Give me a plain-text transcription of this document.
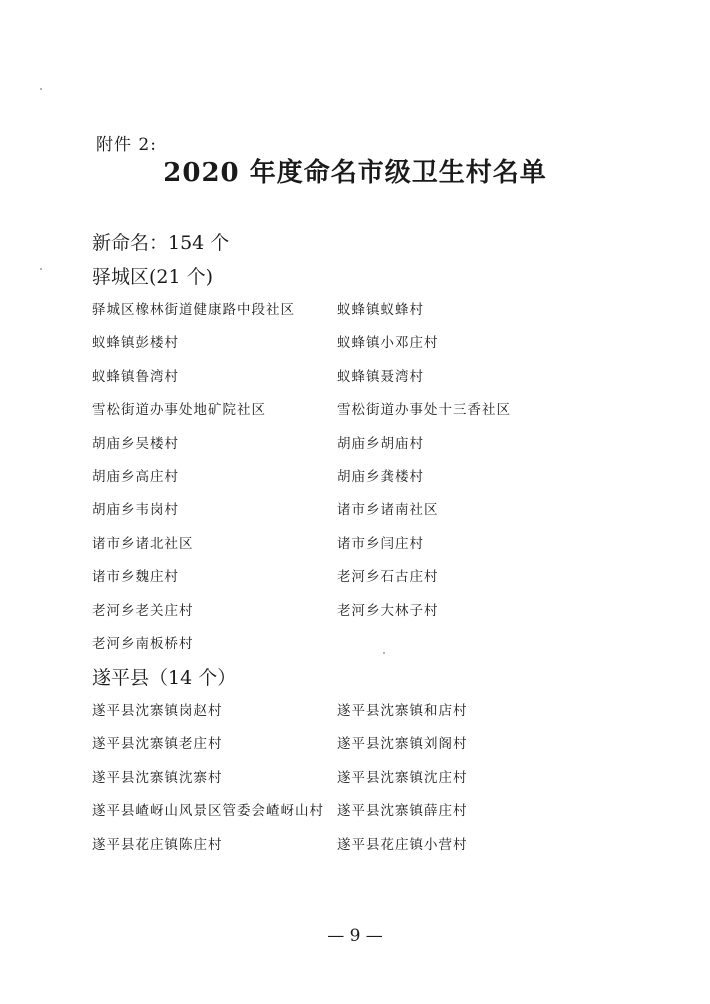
附件 2:
2020 年度命名市级卫生村名单
新命名：154 个
驿城区(21 个)
驿城区橡林街道健康路中段社区	蚁蜂镇蚁蜂村
蚁蜂镇彭楼村	蚁蜂镇小邓庄村
蚁蜂镇鲁湾村	蚁蜂镇聂湾村
雪松街道办事处地矿院社区	雪松街道办事处十三香社区
胡庙乡吴楼村	胡庙乡胡庙村
胡庙乡高庄村	胡庙乡龚楼村
胡庙乡韦岗村	诸市乡诸南社区
诸市乡诸北社区	诸市乡闫庄村
诸市乡魏庄村	老河乡石古庄村
老河乡老关庄村	老河乡大林子村
老河乡南板桥村
遂平县（14 个）
遂平县沈寨镇岗赵村	遂平县沈寨镇和店村
遂平县沈寨镇老庄村	遂平县沈寨镇刘阁村
遂平县沈寨镇沈寨村	遂平县沈寨镇沈庄村
遂平县嵖岈山风景区管委会嵖岈山村 遂平县沈寨镇薛庄村
遂平县花庄镇陈庄村	遂平县花庄镇小营村
— 9 —
